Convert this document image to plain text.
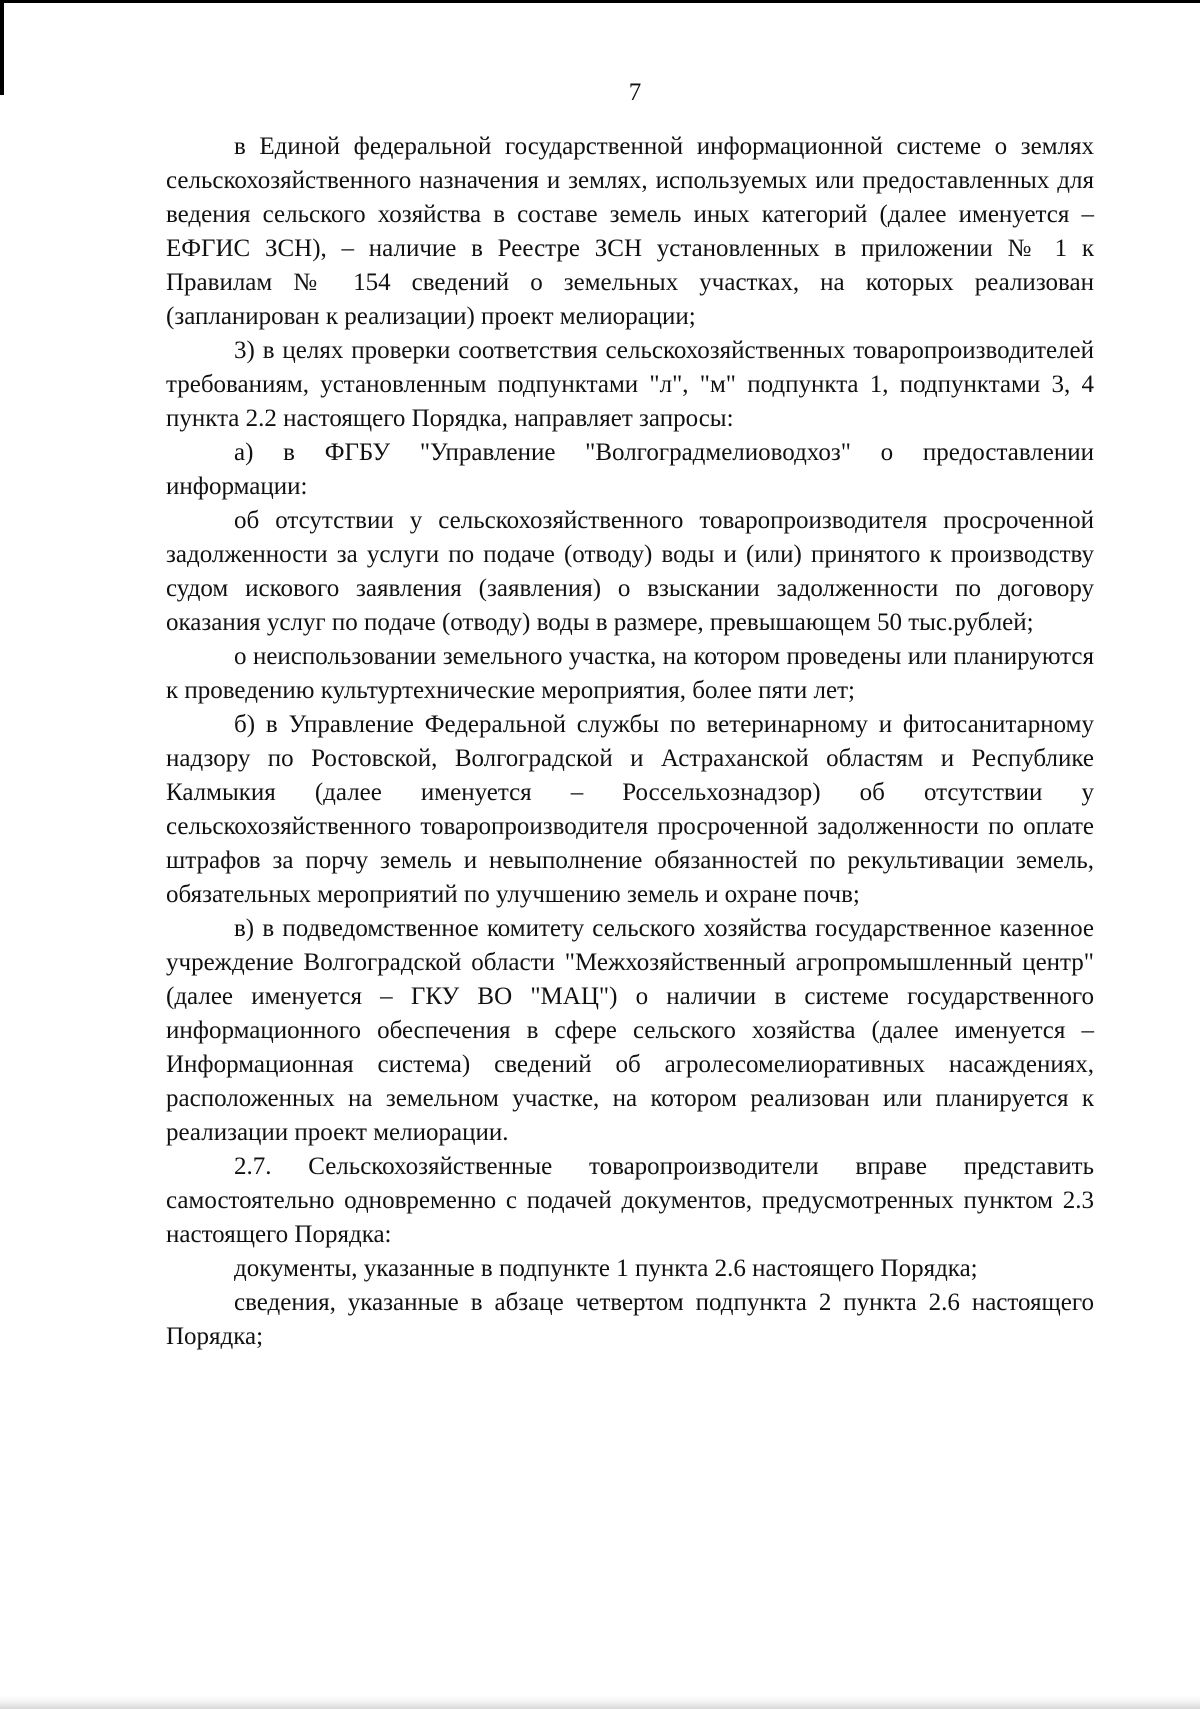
7

в Единой федеральной государственной информационной системе о землях сельскохозяйственного назначения и землях, используемых или предоставленных для ведения сельского хозяйства в составе земель иных категорий (далее именуется – ЕФГИС ЗСН), – наличие в Реестре ЗСН установленных в приложении № 1 к Правилам № 154 сведений о земельных участках, на которых реализован (запланирован к реализации) проект мелиорации;

3) в целях проверки соответствия сельскохозяйственных товаропроизводителей требованиям, установленным подпунктами "л", "м" подпункта 1, подпунктами 3, 4 пункта 2.2 настоящего Порядка, направляет запросы:

а) в ФГБУ "Управление "Волгоградмелиоводхоз" о предоставлении информации:

об отсутствии у сельскохозяйственного товаропроизводителя просроченной задолженности за услуги по подаче (отводу) воды и (или) принятого к производству судом искового заявления (заявления) о взыскании задолженности по договору оказания услуг по подаче (отводу) воды в размере, превышающем 50 тыс.рублей;

о неиспользовании земельного участка, на котором проведены или планируются к проведению культуртехнические мероприятия, более пяти лет;

б) в Управление Федеральной службы по ветеринарному и фитосанитарному надзору по Ростовской, Волгоградской и Астраханской областям и Республике Калмыкия (далее именуется – Россельхознадзор) об отсутствии у сельскохозяйственного товаропроизводителя просроченной задолженности по оплате штрафов за порчу земель и невыполнение обязанностей по рекультивации земель, обязательных мероприятий по улучшению земель и охране почв;

в) в подведомственное комитету сельского хозяйства государственное казенное учреждение Волгоградской области "Межхозяйственный агропромышленный центр" (далее именуется – ГКУ ВО "МАЦ") о наличии в системе государственного информационного обеспечения в сфере сельского хозяйства (далее именуется – Информационная система) сведений об агролесомелиоративных насаждениях, расположенных на земельном участке, на котором реализован или планируется к реализации проект мелиорации.

2.7. Сельскохозяйственные товаропроизводители вправе представить самостоятельно одновременно с подачей документов, предусмотренных пунктом 2.3 настоящего Порядка:

документы, указанные в подпункте 1 пункта 2.6 настоящего Порядка;

сведения, указанные в абзаце четвертом подпункта 2 пункта 2.6 настоящего Порядка;
